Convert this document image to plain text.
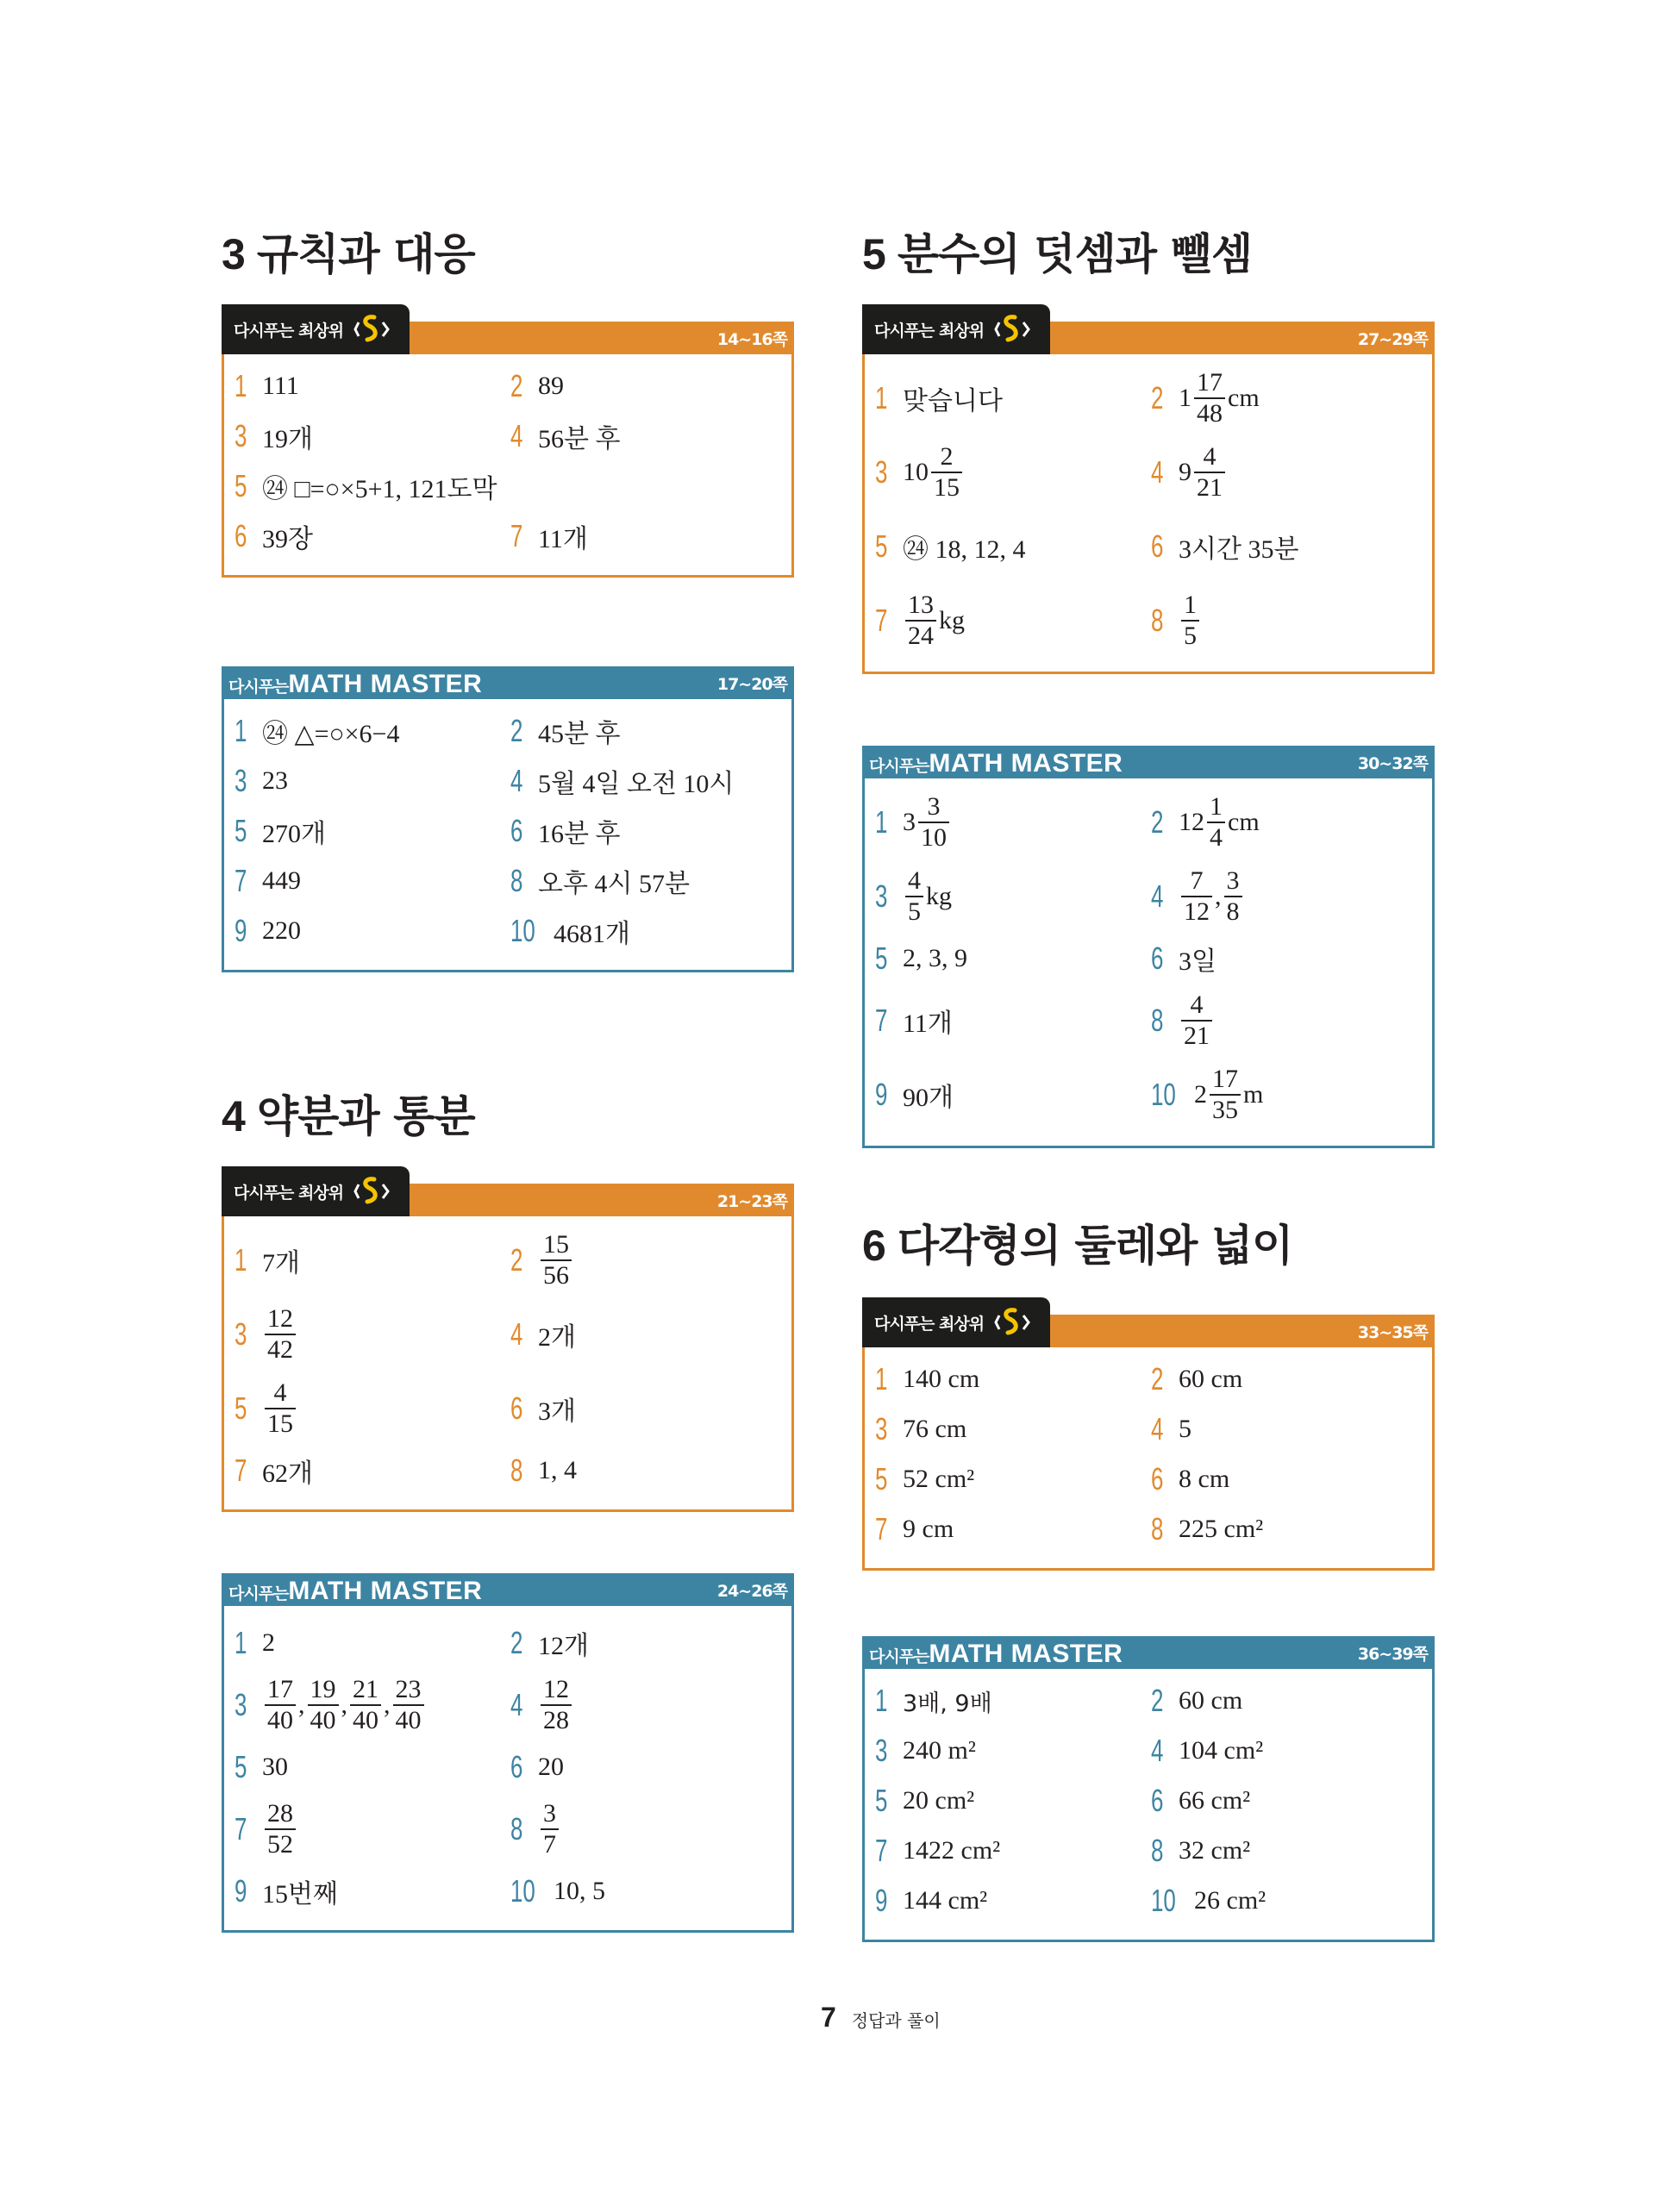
3 규칙과 대응
다시푸는 최상위	14~16쪽
1 111	2 89
3 19개	4 56분 후
5 ㉔ □=○×5+1, 121도막
6 39장	7 11개
다시푸는MATH MASTER	17~20쪽
1 ㉔ △=○×6−4	2 45분 후
3 23	4 5월 4일 오전 10시
5 270개	6 16분 후
7 449	8 오후 4시 57분
9 220	10 4681개
4 약분과 통분
다시푸는 최상위	21~23쪽
1 7개	$2 \frac{15}{56}$
$3 \frac{12}{42}$	4 2개
$5 \frac{4}{15}$	6 3개
7 62개	8 1, 4
다시푸는MATH MASTER	24~26쪽
1 2	2 12개
$3 \frac{17}{40}$ , $\frac{19}{40}$ , $\frac{21}{40}$ , $\frac{23}{40}$	$4 \frac{12}{28}$
5 30	6 20
$7 \frac{28}{52}$	$8 \frac{3}{7}$
9 15번째	10 10, 5
5 분수의 덧셈과 뺄셈
다시푸는 최상위	27~29쪽
1 맞습니다	2 $1 \frac{17}{48}$ cm
3 $10 \frac{2}{15}$	4 $9 \frac{4}{21}$
5 ㉔ 18, 12, 4	6 3시간 35분
$7 \frac{13}{24}$ kg	$8 \frac{1}{5}$
다시푸는MATH MASTER	30~32쪽
1 $3 \frac{3}{10}$	2 $12 \frac{1}{4}$ cm
$3 \frac{4}{5}$ kg	$4 \frac{7}{12}$ , $\frac{3}{8}$
5 2, 3, 9	6 3일
7 11개	$8 \frac{4}{21}$
9 90개	10 $2 \frac{17}{35}$ m
6 다각형의 둘레와 넓이
다시푸는 최상위	33~35쪽
1 140 cm	2 60 cm
3 76 cm	4 5
5 52 cm²	6 8 cm
7 9 cm	8 225 cm²
다시푸는MATH MASTER	36~39쪽
1 3배, 9배	2 60 cm
3 240 m²	4 104 cm²
5 20 cm²	6 66 cm²
7 1422 cm²	8 32 cm²
9 144 cm²	10 26 cm²
7 정답과 풀이
